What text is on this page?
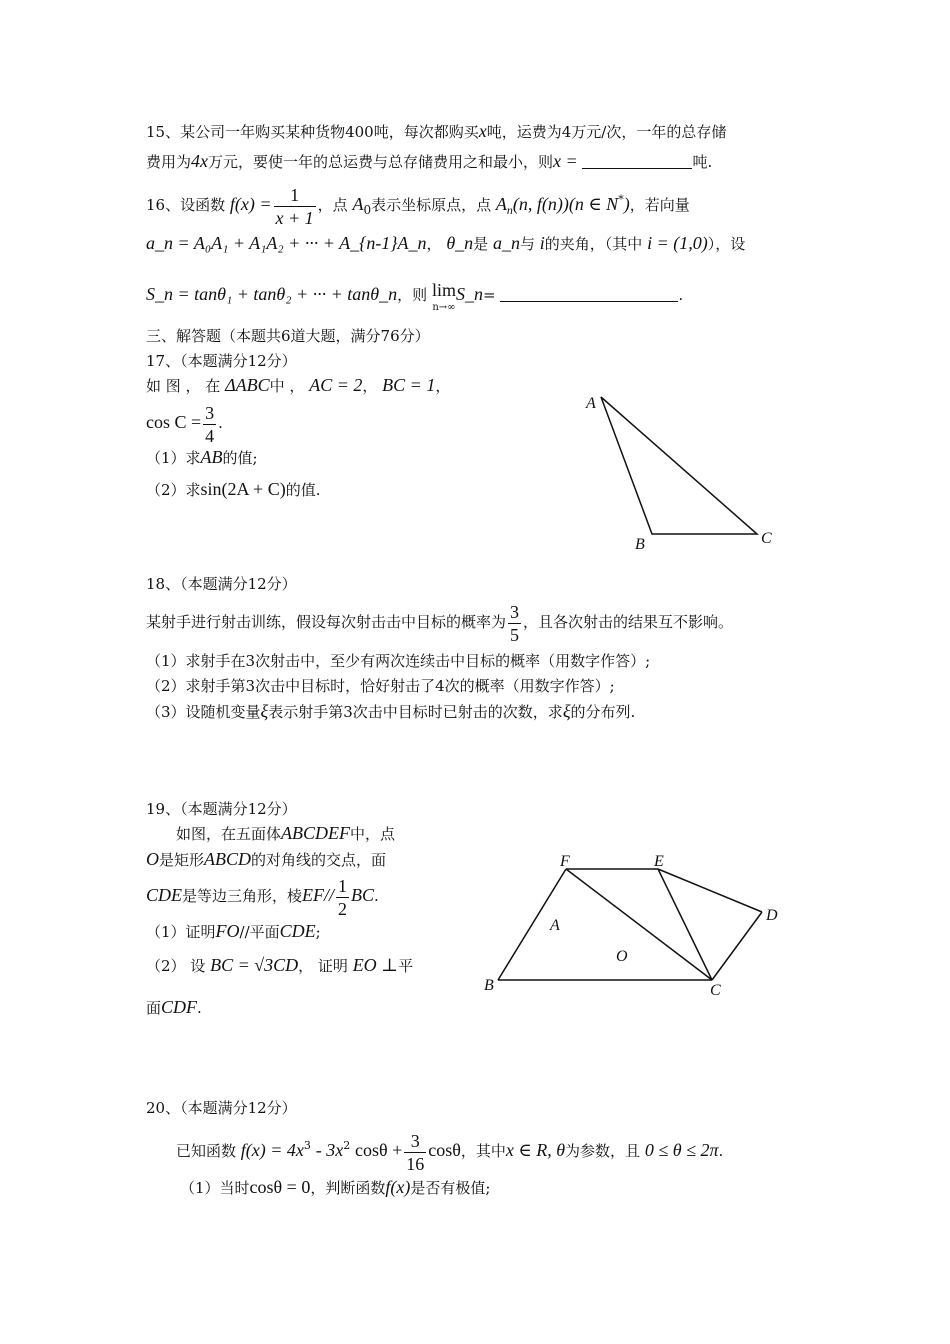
15、某公司一年购买某种货物400吨，每次都购买x吨，运费为4万元/次，一年的总存储
费用为4x万元，要使一年的总运费与总存储费用之和最小，则x =	吨.
16、设函数 $f(x) = \frac{1}{x + 1}$ ，点 $A_0$表示坐标原点，点 $A_n(n$, f(n))(n ∈ N*)，若向量
a_n = A₀A₁ + A₁A₂ + ··· + A_{n-1}A_n， θ_n是 a_n与 i的夹角，（其中 i = (1,0)），设
S_n = tanθ₁ + tanθ₂ + ··· + tanθ_n，则 lim
n→∞S_n=	.
三、解答题（本题共6道大题，满分76分）
17、（本题满分12分）
如 图 ， 在 ΔABC中 ， AC = 2， BC = 1，
$\cos C = \frac{3}{4}$ .
（1）求AB的值;
（2）求sin(2A + C)的值.
A
B	C
18、（本题满分12分）
某射手进行射击训练，假设每次射击击中目标的概率为 $\frac{3}{5}$ ，且各次射击的结果互不影响。
（1）求射手在3次射击中，至少有两次连续击中目标的概率（用数字作答）;
（2）求射手第3次击中目标时，恰好射击了4次的概率（用数字作答）;
（3）设随机变量ξ表示射手第3次击中目标时已射击的次数，求ξ的分布列.
19、（本题满分12分）
如图，在五面体ABCDEF中，点
O是矩形ABCD的对角线的交点，面
CDE是等边三角形，棱$EF// \frac{1}{2}$ BC.
（1）证明FO//平面CDE;
（2） 设 BC = √3CD， 证明 EO ⊥平
面CDF.
F	E
A
O
D
B	C
20、（本题满分12分）
已知函数 $f(x) = 4x^3 - 3x^2$ $\cos\theta + \frac{3}{16}$ cosθ，其中x ∈ R, θ为参数，且 0 ≤ θ ≤ 2π.
（1）当时cosθ = 0，判断函数f(x)是否有极值;
